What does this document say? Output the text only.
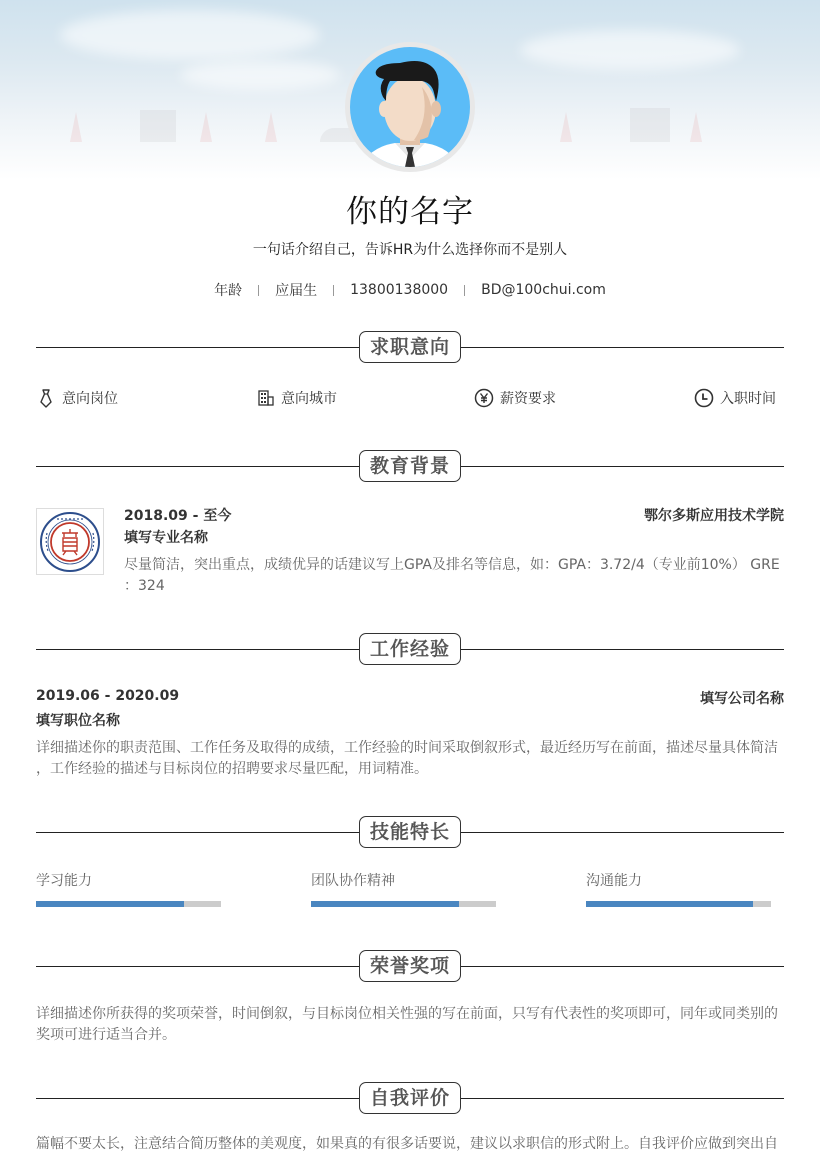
你的名字
一句话介绍自己，告诉HR为什么选择你而不是别人
年龄 应届生 13800138000 BD@100chui.com
求职意向
意向岗位	意向城市	薪资要求	入职时间
教育背景
2018.09 - 至今
填写专业名称
鄂尔多斯应用技术学院
尽量简洁，突出重点，成绩优异的话建议写上GPA及排名等信息，如：GPA：3.72/4（专业前10%） GRE
：324
工作经验
2019.06 - 2020.09
填写职位名称
填写公司名称
详细描述你的职责范围、工作任务及取得的成绩，工作经验的时间采取倒叙形式，最近经历写在前面，描述尽量具体简洁
，工作经验的描述与目标岗位的招聘要求尽量匹配，用词精准。
技能特长
学习能力	团队协作精神	沟通能力
荣誉奖项
详细描述你所获得的奖项荣誉，时间倒叙，与目标岗位相关性强的写在前面，只写有代表性的奖项即可，同年或同类别的
奖项可进行适当合并。
自我评价
篇幅不要太长，注意结合简历整体的美观度，如果真的有很多话要说，建议以求职信的形式附上。自我评价应做到突出自
